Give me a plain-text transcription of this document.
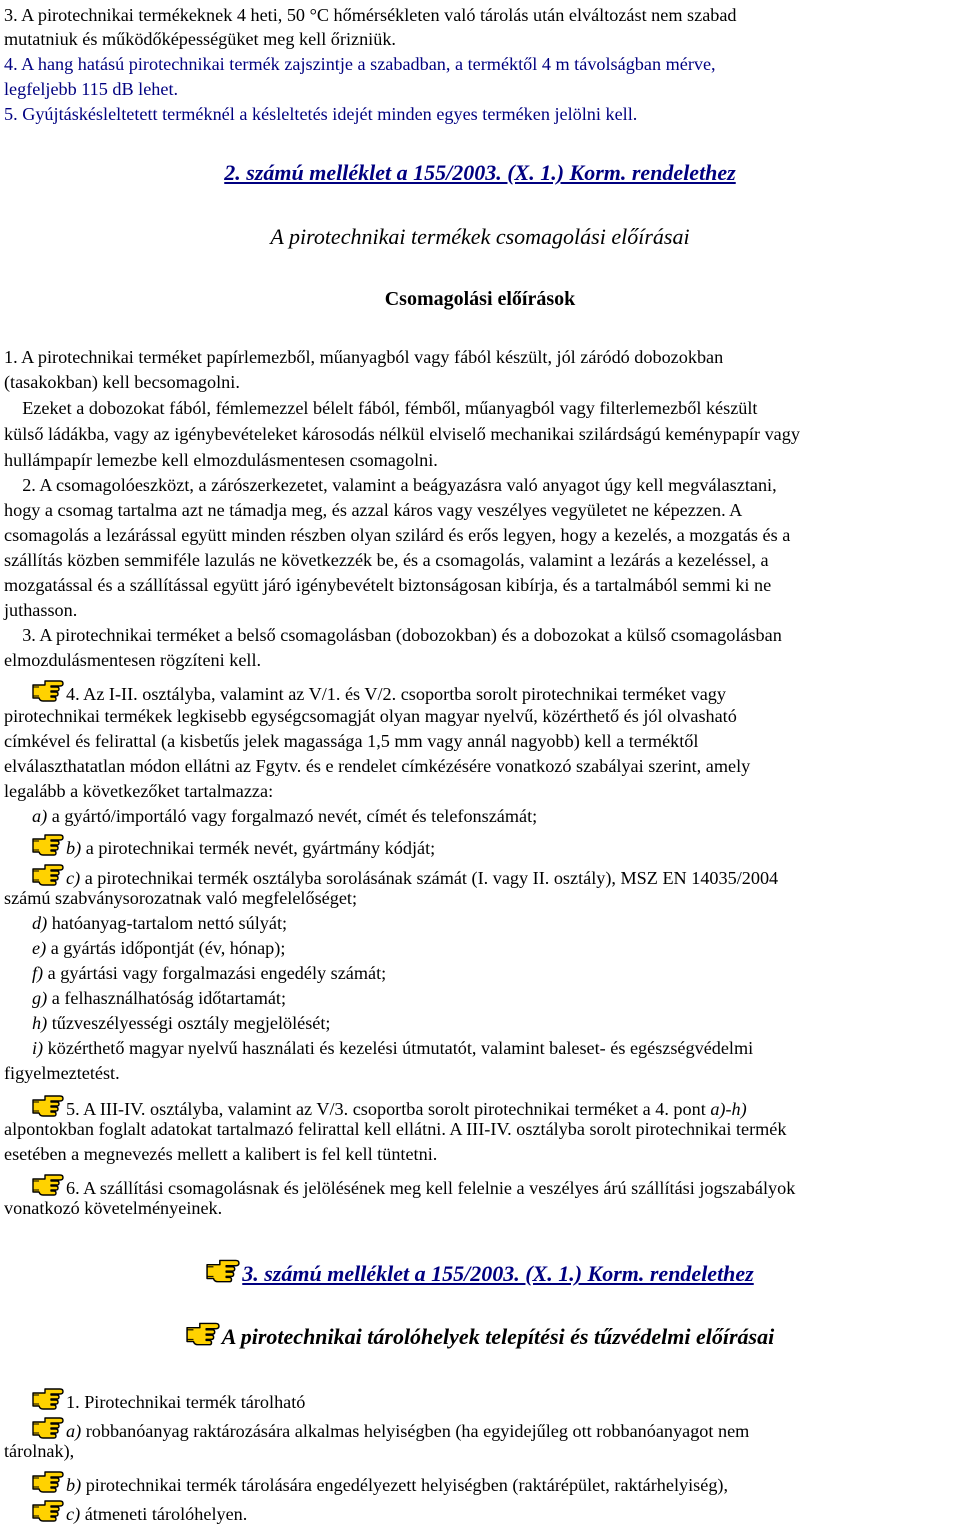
3. A pirotechnikai termékeknek 4 heti, 50 °C hőmérsékleten való tárolás után elváltozást nem szabad
mutatniuk és működőképességüket meg kell őrizniük.
4. A hang hatású pirotechnikai termék zajszintje a szabadban, a terméktől 4 m távolságban mérve,
legfeljebb 115 dB lehet.
5. Gyújtáskésleltetett terméknél a késleltetés idejét minden egyes terméken jelölni kell.
2. számú melléklet a 155/2003. (X. 1.) Korm. rendelethez
A pirotechnikai termékek csomagolási előírásai
Csomagolási előírások
1. A pirotechnikai terméket papírlemezből, műanyagból vagy fából készült, jól záródó dobozokban
(tasakokban) kell becsomagolni.
Ezeket a dobozokat fából, fémlemezzel bélelt fából, fémből, műanyagból vagy filterlemezből készült
külső ládákba, vagy az igénybevételeket károsodás nélkül elviselő mechanikai szilárdságú keménypapír vagy
hullámpapír lemezbe kell elmozdulásmentesen csomagolni.
2. A csomagolóeszközt, a zárószerkezetet, valamint a beágyazásra való anyagot úgy kell megválasztani,
hogy a csomag tartalma azt ne támadja meg, és azzal káros vagy veszélyes vegyületet ne képezzen. A
csomagolás a lezárással együtt minden részben olyan szilárd és erős legyen, hogy a kezelés, a mozgatás és a
szállítás közben semmiféle lazulás ne következzék be, és a csomagolás, valamint a lezárás a kezeléssel, a
mozgatással és a szállítással együtt járó igénybevételt biztonságosan kibírja, és a tartalmából semmi ki ne
juthasson.
3. A pirotechnikai terméket a belső csomagolásban (dobozokban) és a dobozokat a külső csomagolásban
elmozdulásmentesen rögzíteni kell.
4. Az I-II. osztályba, valamint az V/1. és V/2. csoportba sorolt pirotechnikai terméket vagy
pirotechnikai termékek legkisebb egységcsomagját olyan magyar nyelvű, közérthető és jól olvasható
címkével és felirattal (a kisbetűs jelek magassága 1,5 mm vagy annál nagyobb) kell a terméktől
elválaszthatatlan módon ellátni az Fgytv. és e rendelet címkézésére vonatkozó szabályai szerint, amely
legalább a következőket tartalmazza:
a) a gyártó/importáló vagy forgalmazó nevét, címét és telefonszámát;
b) a pirotechnikai termék nevét, gyártmány kódját;
c) a pirotechnikai termék osztályba sorolásának számát (I. vagy II. osztály), MSZ EN 14035/2004
számú szabványsorozatnak való megfelelőséget;
d) hatóanyag-tartalom nettó súlyát;
e) a gyártás időpontját (év, hónap);
f) a gyártási vagy forgalmazási engedély számát;
g) a felhasználhatóság időtartamát;
h) tűzveszélyességi osztály megjelölését;
i) közérthető magyar nyelvű használati és kezelési útmutatót, valamint baleset- és egészségvédelmi
figyelmeztetést.
5. A III-IV. osztályba, valamint az V/3. csoportba sorolt pirotechnikai terméket a 4. pont a)-h)
alpontokban foglalt adatokat tartalmazó felirattal kell ellátni. A III-IV. osztályba sorolt pirotechnikai termék
esetében a megnevezés mellett a kalibert is fel kell tüntetni.
6. A szállítási csomagolásnak és jelölésének meg kell felelnie a veszélyes árú szállítási jogszabályok
vonatkozó követelményeinek.
3. számú melléklet a 155/2003. (X. 1.) Korm. rendelethez
A pirotechnikai tárolóhelyek telepítési és tűzvédelmi előírásai
1. Pirotechnikai termék tárolható
a) robbanóanyag raktározására alkalmas helyiségben (ha egyidejűleg ott robbanóanyagot nem
tárolnak),
b) pirotechnikai termék tárolására engedélyezett helyiségben (raktárépület, raktárhelyiség),
c) átmeneti tárolóhelyen.
